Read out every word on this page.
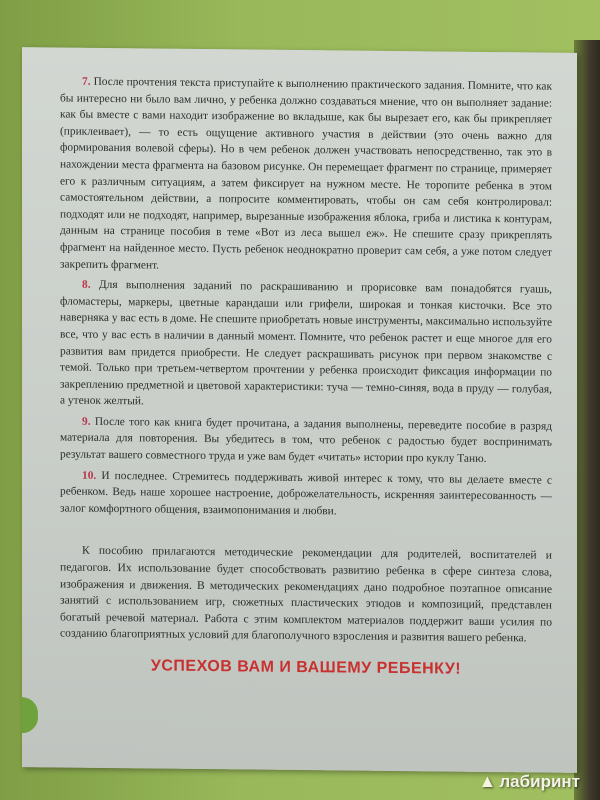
7. После прочтения текста приступайте к выполнению практического задания. Помните, что как бы интересно ни было вам лично, у ребенка должно создаваться мнение, что он выполняет задание: как бы вместе с вами находит изображение во вкладыше, как бы вырезает его, как бы прикрепляет (приклеивает), — то есть ощущение активного участия в действии (это очень важно для формирования волевой сферы). Но в чем ребенок должен участвовать непосредственно, так это в нахождении места фрагмента на базовом рисунке. Он перемещает фрагмент по странице, примеряет его к различным ситуациям, а затем фиксирует на нужном месте. Не торопите ребенка в этом самостоятельном действии, а попросите комментировать, чтобы он сам себя контролировал: подходят или не подходят, например, вырезанные изображения яблока, гриба и листика к контурам, данным на странице пособия в теме «Вот из леса вышел еж». Не спешите сразу прикреплять фрагмент на найденное место. Пусть ребенок неоднократно проверит сам себя, а уже потом следует закрепить фрагмент.

8. Для выполнения заданий по раскрашиванию и прорисовке вам понадобятся гуашь, фломастеры, маркеры, цветные карандаши или грифели, широкая и тонкая кисточки. Все это наверняка у вас есть в доме. Не спешите приобретать новые инструменты, максимально используйте все, что у вас есть в наличии в данный момент. Помните, что ребенок растет и еще многое для его развития вам придется приобрести. Не следует раскрашивать рисунок при первом знакомстве с темой. Только при третьем-четвертом прочтении у ребенка происходит фиксация информации по закреплению предметной и цветовой характеристики: туча — темно-синяя, вода в пруду — голубая, а утенок желтый.

9. После того как книга будет прочитана, а задания выполнены, переведите пособие в разряд материала для повторения. Вы убедитесь в том, что ребенок с радостью будет воспринимать результат вашего совместного труда и уже вам будет «читать» истории про куклу Таню.

10. И последнее. Стремитесь поддерживать живой интерес к тому, что вы делаете вместе с ребенком. Ведь наше хорошее настроение, доброжелательность, искренняя заинтересованность — залог комфортного общения, взаимопонимания и любви.

К пособию прилагаются методические рекомендации для родителей, воспитателей и педагогов. Их использование будет способствовать развитию ребенка в сфере синтеза слова, изображения и движения. В методических рекомендациях дано подробное поэтапное описание занятий с использованием игр, сюжетных пластических этюдов и композиций, представлен богатый речевой материал. Работа с этим комплектом материалов поддержит ваши усилия по созданию благоприятных условий для благополучного взросления и развития вашего ребенка.

УСПЕХОВ ВАМ И ВАШЕМУ РЕБЕНКУ!
▲ лабиринт
